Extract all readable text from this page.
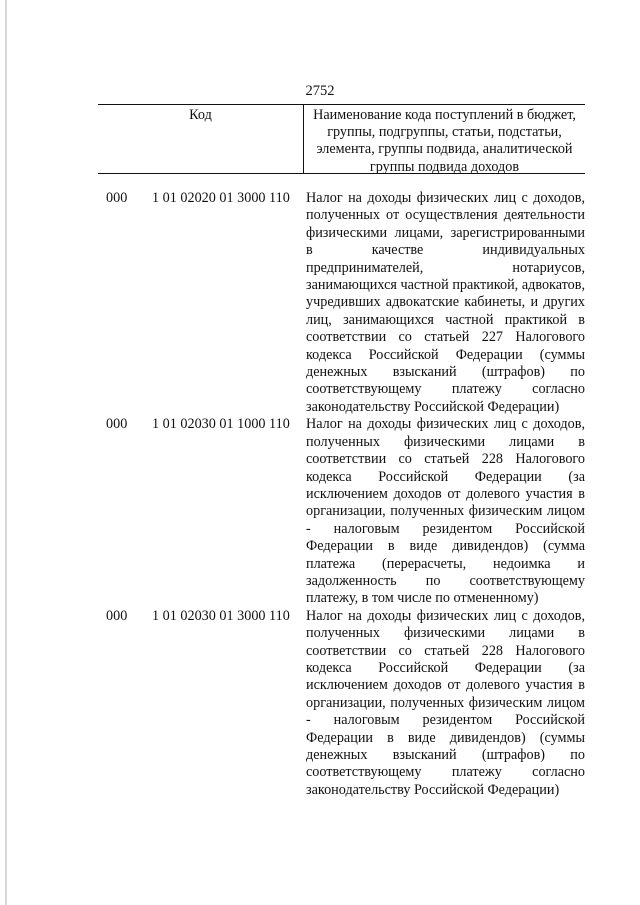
2752
Код	Наименование кода поступлений в бюджет, группы, подгруппы, статьи, подстатьи, элемента, группы подвида, аналитической группы подвида доходов
000	1 01 02020 01 3000 110	Налог на доходы физических лиц с доходов, полученных от осуществления деятельности физическими лицами, зарегистрированными в качестве индивидуальных предпринимателей, нотариусов, занимающихся частной практикой, адвокатов, учредивших адвокатские кабинеты, и других лиц, занимающихся частной практикой в соответствии со статьей 227 Налогового кодекса Российской Федерации (суммы денежных взысканий (штрафов) по соответствующему платежу согласно законодательству Российской Федерации)
000	1 01 02030 01 1000 110	Налог на доходы физических лиц с доходов, полученных физическими лицами в соответствии со статьей 228 Налогового кодекса Российской Федерации (за исключением доходов от долевого участия в организации, полученных физическим лицом - налоговым резидентом Российской Федерации в виде дивидендов) (сумма платежа (перерасчеты, недоимка и задолженность по соответствующему платежу, в том числе по отмененному)
000	1 01 02030 01 3000 110	Налог на доходы физических лиц с доходов, полученных физическими лицами в соответствии со статьей 228 Налогового кодекса Российской Федерации (за исключением доходов от долевого участия в организации, полученных физическим лицом - налоговым резидентом Российской Федерации в виде дивидендов) (суммы денежных взысканий (штрафов) по соответствующему платежу согласно законодательству Российской Федерации)
